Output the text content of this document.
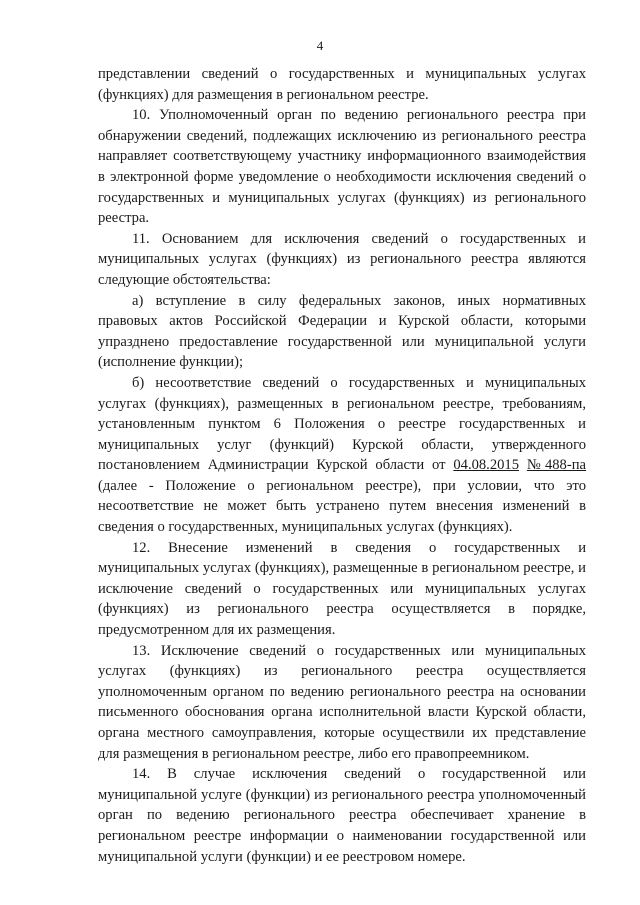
4

представлении сведений о государственных и муниципальных услугах (функциях) для размещения в региональном реестре.

10. Уполномоченный орган по ведению регионального реестра при обнаружении сведений, подлежащих исключению из регионального реестра направляет соответствующему участнику информационного взаимодействия в электронной форме уведомление о необходимости исключения сведений о государственных и муниципальных услугах (функциях) из регионального реестра.

11. Основанием для исключения сведений о государственных и муниципальных услугах (функциях) из регионального реестра являются следующие обстоятельства:

а) вступление в силу федеральных законов, иных нормативных правовых актов Российской Федерации и Курской области, которыми упразднено предоставление государственной или муниципальной услуги (исполнение функции);

б) несоответствие сведений о государственных и муниципальных услугах (функциях), размещенных в региональном реестре, требованиям, установленным пунктом 6 Положения о реестре государственных и муниципальных услуг (функций) Курской области, утвержденного постановлением Администрации Курской области от 04.08.2015 №488-па (далее - Положение о региональном реестре), при условии, что это несоответствие не может быть устранено путем внесения изменений в сведения о государственных, муниципальных услугах (функциях).

12. Внесение изменений в сведения о государственных и муниципальных услугах (функциях), размещенные в региональном реестре, и исключение сведений о государственных или муниципальных услугах (функциях) из регионального реестра осуществляется в порядке, предусмотренном для их размещения.

13. Исключение сведений о государственных или муниципальных услугах (функциях) из регионального реестра осуществляется уполномоченным органом по ведению регионального реестра на основании письменного обоснования органа исполнительной власти Курской области, органа местного самоуправления, которые осуществили их представление для размещения в региональном реестре, либо его правопреемником.

14. В случае исключения сведений о государственной или муниципальной услуге (функции) из регионального реестра уполномоченный орган по ведению регионального реестра обеспечивает хранение в региональном реестре информации о наименовании государственной или муниципальной услуги (функции) и ее реестровом номере.
